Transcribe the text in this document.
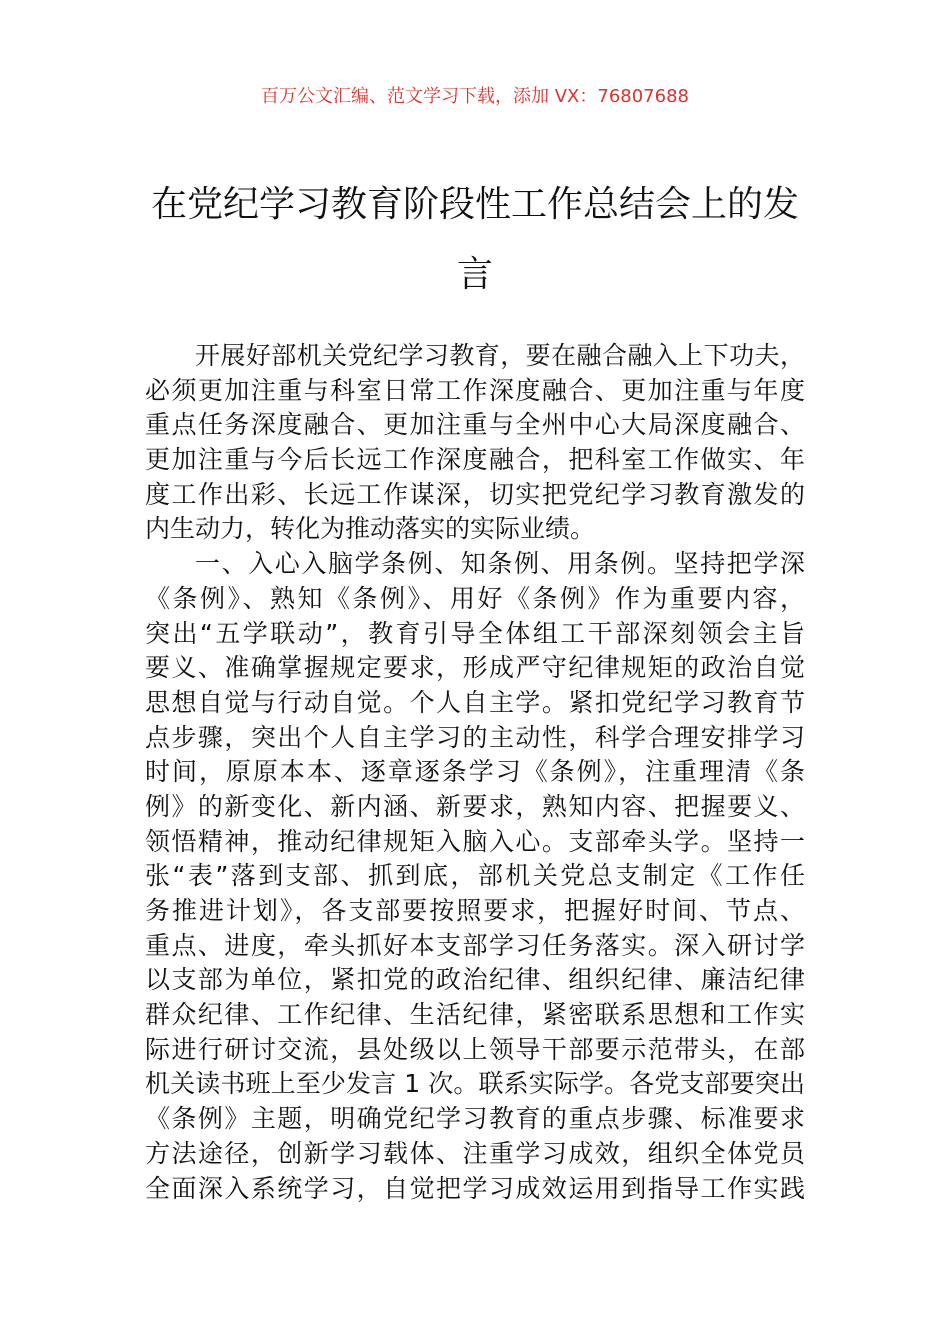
百万公文汇编、范文学习下载，添加 VX：76807688
在党纪学习教育阶段性工作总结会上的发
言
开展好部机关党纪学习教育，要在融合融入上下功夫，
必须更加注重与科室日常工作深度融合、更加注重与年度
重点任务深度融合、更加注重与全州中心大局深度融合、
更加注重与今后长远工作深度融合，把科室工作做实、年
度工作出彩、长远工作谋深，切实把党纪学习教育激发的
内生动力，转化为推动落实的实际业绩。
一、入心入脑学条例、知条例、用条例。坚持把学深
《条例》、熟知《条例》、用好《条例》作为重要内容，
突出“五学联动”，教育引导全体组工干部深刻领会主旨
要义、准确掌握规定要求，形成严守纪律规矩的政治自觉
思想自觉与行动自觉。个人自主学。紧扣党纪学习教育节
点步骤，突出个人自主学习的主动性，科学合理安排学习
时间，原原本本、逐章逐条学习《条例》，注重理清《条
例》的新变化、新内涵、新要求，熟知内容、把握要义、
领悟精神，推动纪律规矩入脑入心。支部牵头学。坚持一
张“表”落到支部、抓到底，部机关党总支制定《工作任
务推进计划》，各支部要按照要求，把握好时间、节点、
重点、进度，牵头抓好本支部学习任务落实。深入研讨学
以支部为单位，紧扣党的政治纪律、组织纪律、廉洁纪律
群众纪律、工作纪律、生活纪律，紧密联系思想和工作实
际进行研讨交流，县处级以上领导干部要示范带头，在部
机关读书班上至少发言 1 次。联系实际学。各党支部要突出
《条例》主题，明确党纪学习教育的重点步骤、标准要求
方法途径，创新学习载体、注重学习成效，组织全体党员
全面深入系统学习，自觉把学习成效运用到指导工作实践
